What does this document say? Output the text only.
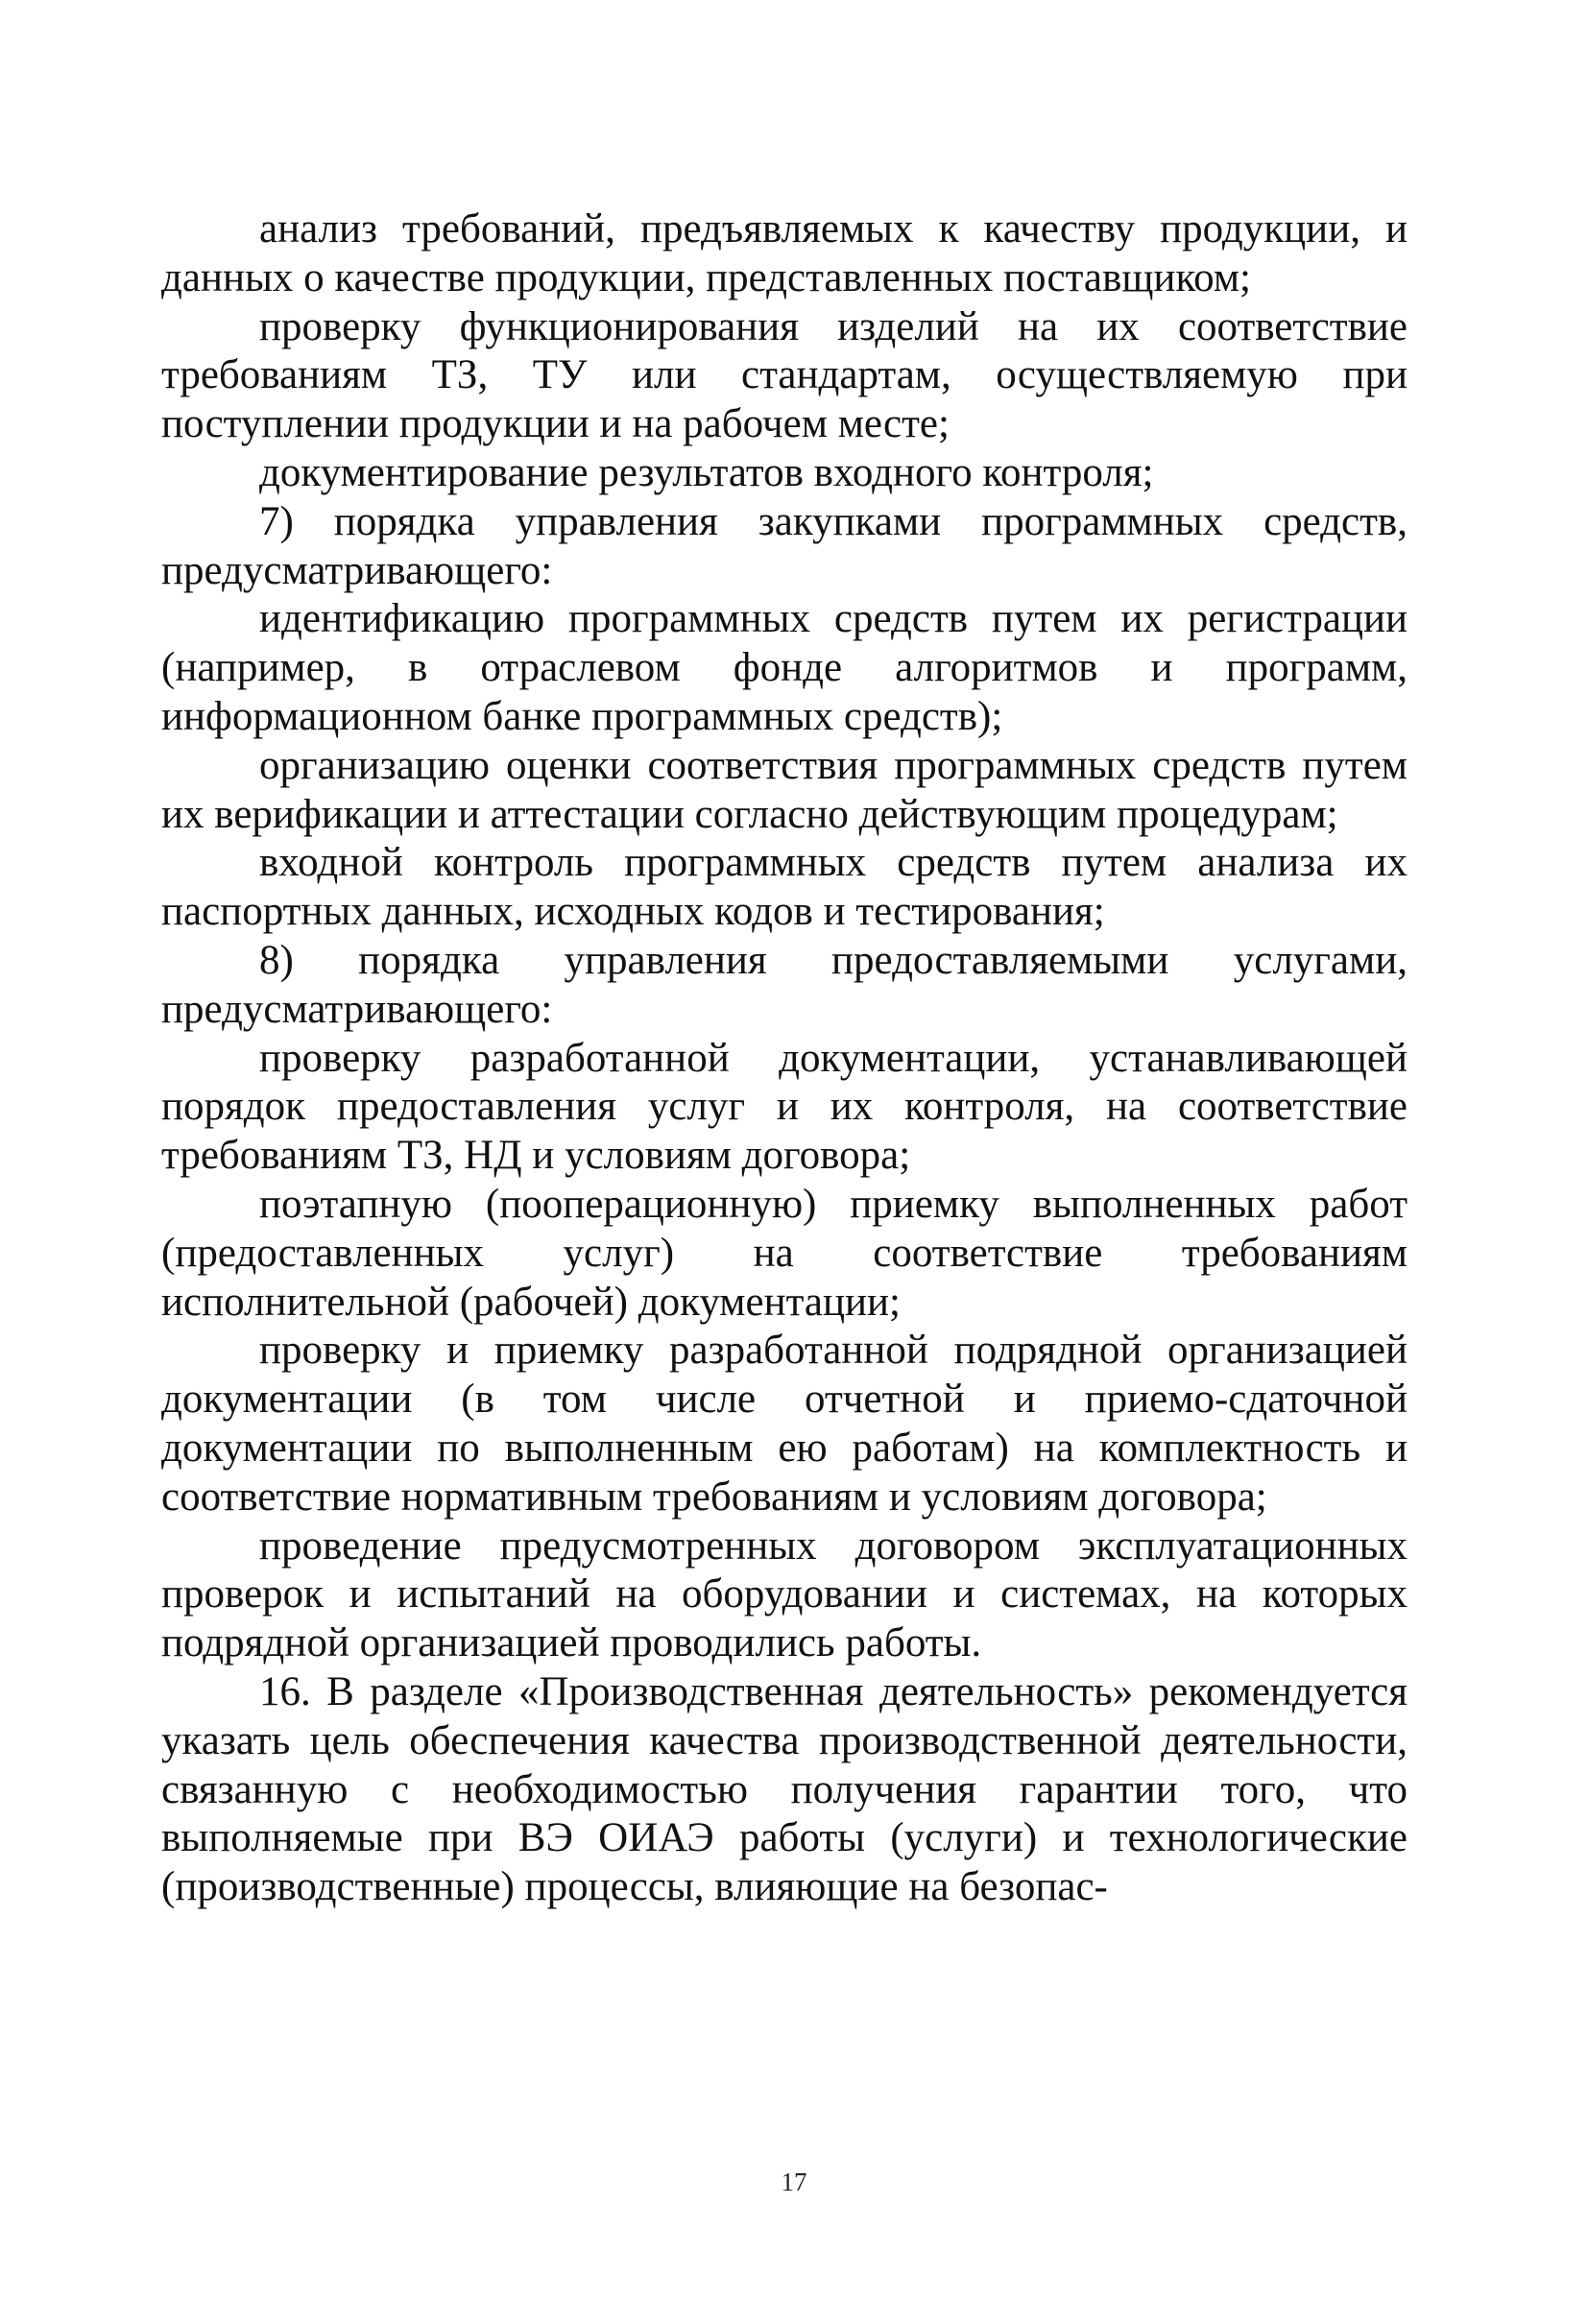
анализ требований, предъявляемых к качеству продукции, и данных о качестве продукции, представленных поставщиком;

проверку функционирования изделий на их соответствие требованиям ТЗ, ТУ или стандартам, осуществляемую при поступлении продукции и на рабочем месте;

документирование результатов входного контроля;

7) порядка управления закупками программных средств, предусматривающего:

идентификацию программных средств путем их регистрации (например, в отраслевом фонде алгоритмов и программ, информационном банке программных средств);

организацию оценки соответствия программных средств путем их верификации и аттестации согласно действующим процедурам;

входной контроль программных средств путем анализа их паспортных данных, исходных кодов и тестирования;

8) порядка управления предоставляемыми услугами, предусматривающего:

проверку разработанной документации, устанавливающей порядок предоставления услуг и их контроля, на соответствие требованиям ТЗ, НД и условиям договора;

поэтапную (пооперационную) приемку выполненных работ (предоставленных услуг) на соответствие требованиям исполнительной (рабочей) документации;

проверку и приемку разработанной подрядной организацией документации (в том числе отчетной и приемо-сдаточной документации по выполненным ею работам) на комплектность и соответствие нормативным требованиям и условиям договора;

проведение предусмотренных договором эксплуатационных проверок и испытаний на оборудовании и системах, на которых подрядной организацией проводились работы.

16. В разделе «Производственная деятельность» рекомендуется указать цель обеспечения качества производственной деятельности, связанную с необходимостью получения гарантии того, что выполняемые при ВЭ ОИАЭ работы (услуги) и технологические (производственные) процессы, влияющие на безопас-

17
